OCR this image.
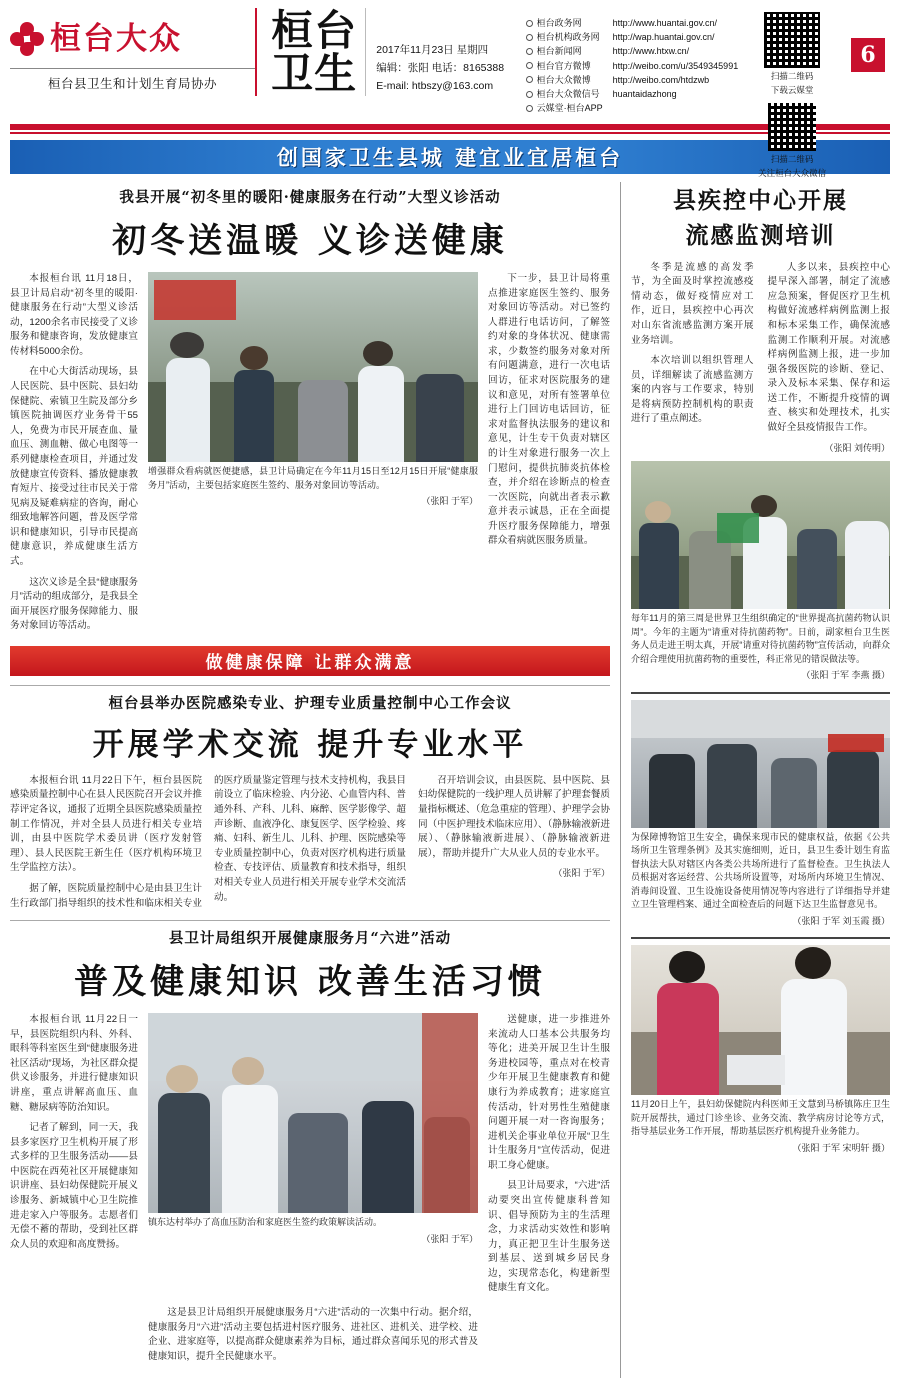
桓台大众
桓台县卫生和计划生育局协办
桓台
卫生 2017年11月23日 星期四
编辑：张阳 电话：8165388
E-mail: htbszy@163.com
桓台政务网	http://www.huantai.gov.cn/
桓台机构政务网	http://wap.huantai.gov.cn/
桓台新闻网	http://www.htxw.cn/
桓台官方微博	http://weibo.com/u/3549345991
桓台大众微博	http://weibo.com/htdzwb
桓台大众微信号	huantaidazhong
云媒堂·桓台APP
扫描二维码
下载云媒堂
扫描二维码
关注桓台大众微信
6
创国家卫生县城 建宜业宜居桓台
我县开展“初冬里的暖阳·健康服务在行动”大型义诊活动
初冬送温暖 义诊送健康

本报桓台讯 11月18日，县卫计局启动“初冬里的暖阳·健康服务在行动”大型义诊活动，1200余名市民接受了义诊服务和健康咨询，发放健康宣传材料5000余份。

在中心大街活动现场，县人民医院、县中医院、县妇幼保健院、索镇卫生院及部分乡镇医院抽调医疗业务骨干55人，免费为市民开展查血、量血压、测血糖、做心电图等一系列健康检查项目，并通过发放健康宣传资料、播放健康教育短片、接受过往市民关于常见病及疑难病症的咨询，耐心细致地解答问题，普及医学常识和健康知识，引导市民提高健康意识，养成健康生活方式。

这次义诊是全县“健康服务月”活动的组成部分，是我县全面开展医疗服务保障能力、服务对象回访等活动。

增强群众看病就医便捷感，县卫计局确定在今年11月15日至12月15日开展“健康服务月”活动，主要包括家庭医生签约、服务对象回访等活动。

（张阳 于军）

下一步，县卫计局将重点推进家庭医生签约、服务对象回访等活动。对已签约人群进行电话访问，了解签约对象的身体状况、健康需求，少数签约服务对象对所有问题满意，进行一次电话回访，征求对医院服务的建议和意见，对所有签署单位进行上门回访电话回访，征求对监督执法服务的建议和意见，计生专干负责对辖区的计生对象进行服务一次上门慰问，提供抗肺炎抗体检查，并介绍在诊断点的检查一次医院，向就出者表示歉意并表示诚恳，正在全面提升医疗服务保障能力，增强群众看病就医服务质量。

做健康保障 让群众满意
桓台县举办医院感染专业、护理专业质量控制中心工作会议
开展学术交流 提升专业水平

本报桓台讯 11月22日下午，桓台县医院感染质量控制中心在县人民医院召开会议并推荐评定各议，通报了近期全县医院感染质量控制工作情况，并对全县人员进行相关专业培训，由县中医院学术委员讲（医疗发射管理）、县人民医院王新生任（医疗机构环境卫生学监控方法）。

据了解，医院质量控制中心是由县卫生计生行政部门指导组织的技术性和临床相关专业的医疗质量鉴定管理与技术支持机构，我县目前设立了临床检验、内分泌、心血管内科、普通外科、产科、儿科、麻醉、医学影像学、超声诊断、血液净化、康复医学、医学检验、疼痛、妇科、新生儿、儿科、护理、医院感染等专业质量控制中心，负责对医疗机构进行质量检查、专技评估、质量教育和技术指导，组织对相关专业人员进行相关开展专业学术交流活动。

召开培训会议，由县医院、县中医院、县妇幼保健院的一线护理人员讲解了护理套餐质量指标概述、（危急重症的管理）、护理学会协同（中医护理技术临床应用）、（静脉输液新进展）、（静脉输液新进展）、（静脉输液新进展），帮助并提升广大从业人员的专业水平。

（张阳 于军）

县卫计局组织开展健康服务月“六进”活动
普及健康知识 改善生活习惯

本报桓台讯 11月22日一早，县医院组织内科、外科、眼科等科室医生到“健康服务进社区活动”现场，为社区群众提供义诊服务，并进行健康知识讲座，重点讲解高血压、血糖、糖尿病等防治知识。

记者了解到，同一天，我县多家医疗卫生机构开展了形式多样的卫生服务活动——县中医院在西苑社区开展健康知识讲座、县妇幼保健院开展义诊服务、新城镇中心卫生院推进走家入户等服务。志愿者们无偿不蓄的帮助，受到社区群众人员的欢迎和高度赞扬。

镇东达村举办了高血压防治和家庭医生签约政策解读活动。

（张阳 于军）

送健康，进一步推进外来流动人口基本公共服务均等化；进美开展卫生计生服务进校园等，重点对在校青少年开展卫生健康教育和健康行为养成教育；进家庭宣传活动，针对男性生殖健康问题开展一对一咨询服务；进机关企事业单位开展“卫生计生服务月”宣传活动，促进职工身心健康。

县卫计局要求，“六进”活动要突出宣传健康科普知识、倡导预防为主的生活理念，力求活动实效性和影响力，真正把卫生计生服务送到基层、送到城乡居民身边，实现常态化，构建新型健康生育文化。

这是县卫计局组织开展健康服务月“六进”活动的一次集中行动。据介绍，健康服务月“六进”活动主要包括进村医疗服务、进社区、进机关、进学校、进企业、进家庭等，以提高群众健康素养为目标，通过群众喜闻乐见的形式普及健康知识，提升全民健康水平。

县疾控中心开展
流感监测培训

冬季是流感的高发季节，为全面及时掌控流感疫情动态，做好疫情应对工作，近日，县疾控中心再次对山东省流感监测方案开展业务培训。

本次培训以组织管理人员，详细解读了流感监测方案的内容与工作要求，特别是将病预防控制机构的职责进行了重点阐述。

人多以来，县疾控中心提早深入部署，制定了流感应急预案，督促医疗卫生机构做好流感样病例监测上报和标本采集工作，确保流感监测工作顺利开展。对流感样病例监测上报，进一步加强各级医院的诊断、登记、录入及标本采集、保存和运送工作，不断提升疫情的调查、核实和处理技术，扎实做好全县疫情报告工作。

（张阳 刘传明）

每年11月的第三周是世界卫生组织确定的“世界提高抗菌药物认识周”。今年的主题为“请重对待抗菌药物”。日前，副家桓台卫生医务人员走进王明太真，开展“请重对待抗菌药物”宣传活动，向群众介绍合理使用抗菌药物的重要性，科正常见的错误做法等。

（张阳 于军 李燕 摄）

为保障博物馆卫生安全，确保来现市民的健康权益，依据《公共场所卫生管理条例》及其实施细则，近日，县卫生委计划生育监督执法大队对辖区内各类公共场所进行了监督检查。卫生执法人员根据对客运经营、公共场所设置等，对场所内环境卫生情况、消毒间设置、卫生设施设备使用情况等内容进行了详细指导并建立卫生管理档案、通过全面检查后的问题下达卫生监督意见书。

（张阳 于军 刘玉霞 摄）

11月20日上午，县妇幼保健院内科医师王文慧到马桥镇陈庄卫生院开展帮扶，通过门诊坐诊、业务交流、教学病房讨论等方式，指导基层业务工作开展，帮助基层医疗机构提升业务能力。

（张阳 于军 宋明轩 摄）
